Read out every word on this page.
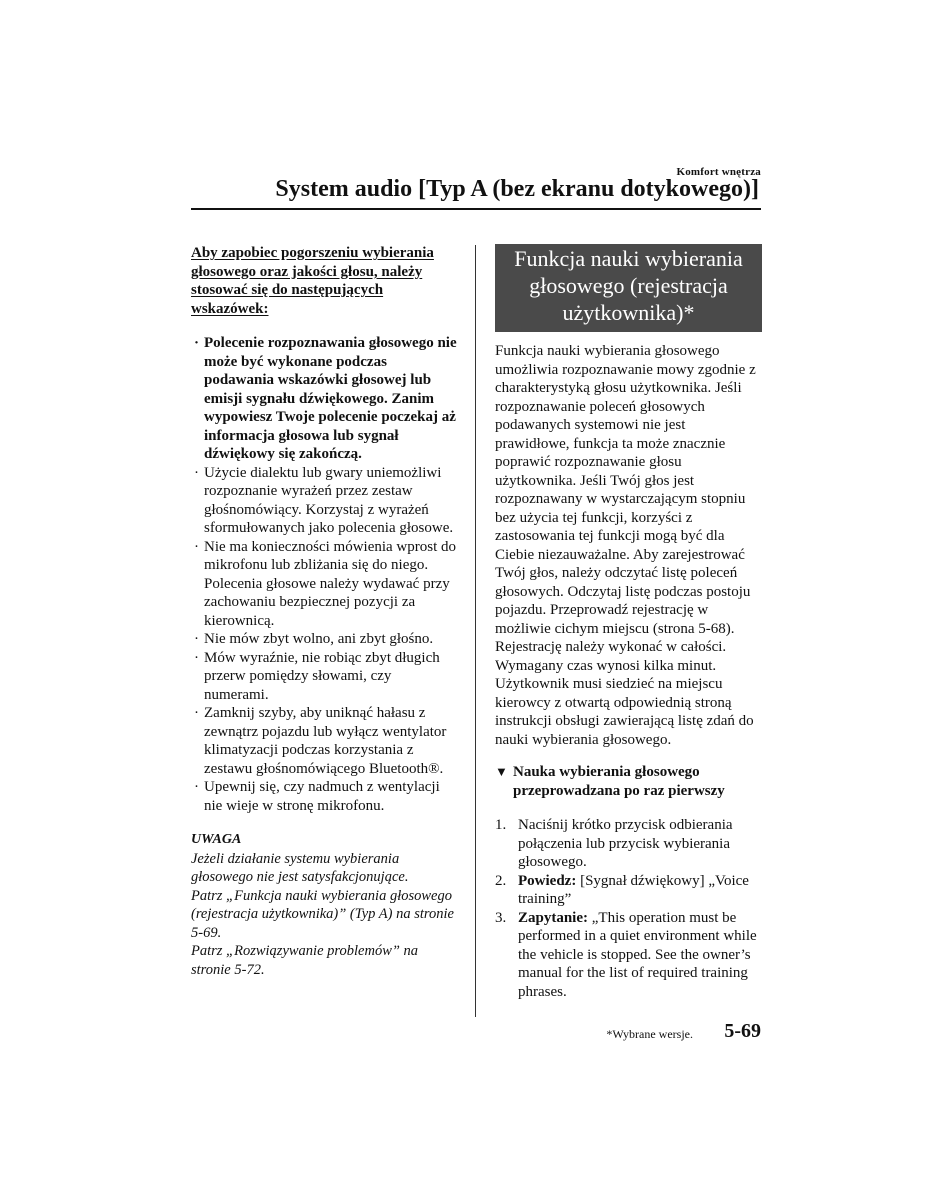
Komfort wnętrza
System audio [Typ A (bez ekranu dotykowego)]

Aby zapobiec pogorszeniu wybierania głosowego oraz jakości głosu, należy stosować się do następujących wskazówek:

· Polecenie rozpoznawania głosowego nie może być wykonane podczas podawania wskazówki głosowej lub emisji sygnału dźwiękowego. Zanim wypowiesz Twoje polecenie poczekaj aż informacja głosowa lub sygnał dźwiękowy się zakończą.
· Użycie dialektu lub gwary uniemożliwi rozpoznanie wyrażeń przez zestaw głośnomówiący. Korzystaj z wyrażeń sformułowanych jako polecenia głosowe.
· Nie ma konieczności mówienia wprost do mikrofonu lub zbliżania się do niego. Polecenia głosowe należy wydawać przy zachowaniu bezpiecznej pozycji za kierownicą.
· Nie mów zbyt wolno, ani zbyt głośno.
· Mów wyraźnie, nie robiąc zbyt długich przerw pomiędzy słowami, czy numerami.
· Zamknij szyby, aby uniknąć hałasu z zewnątrz pojazdu lub wyłącz wentylator klimatyzacji podczas korzystania z zestawu głośnomówiącego Bluetooth®.
· Upewnij się, czy nadmuch z wentylacji nie wieje w stronę mikrofonu.
UWAGA
Jeżeli działanie systemu wybierania głosowego nie jest satysfakcjonujące.
Patrz „Funkcja nauki wybierania głosowego (rejestracja użytkownika)” (Typ A) na stronie 5-69.
Patrz „Rozwiązywanie problemów” na stronie 5-72.
Funkcja nauki wybierania głosowego (rejestracja użytkownika)*
Funkcja nauki wybierania głosowego umożliwia rozpoznawanie mowy zgodnie z charakterystyką głosu użytkownika. Jeśli rozpoznawanie poleceń głosowych podawanych systemowi nie jest prawidłowe, funkcja ta może znacznie poprawić rozpoznawanie głosu użytkownika. Jeśli Twój głos jest rozpoznawany w wystarczającym stopniu bez użycia tej funkcji, korzyści z zastosowania tej funkcji mogą być dla Ciebie niezauważalne. Aby zarejestrować Twój głos, należy odczytać listę poleceń głosowych. Odczytaj listę podczas postoju pojazdu. Przeprowadź rejestrację w możliwie cichym miejscu (strona 5-68). Rejestrację należy wykonać w całości. Wymagany czas wynosi kilka minut. Użytkownik musi siedzieć na miejscu kierowcy z otwartą odpowiednią stroną instrukcji obsługi zawierającą listę zdań do nauki wybierania głosowego.
▼ Nauka wybierania głosowego przeprowadzana po raz pierwszy
1. Naciśnij krótko przycisk odbierania połączenia lub przycisk wybierania głosowego.
2. Powiedz: [Sygnał dźwiękowy] „Voice training”
3. Zapytanie: „This operation must be performed in a quiet environment while the vehicle is stopped. See the owner’s manual for the list of required training phrases.
*Wybrane wersje. 5-69
